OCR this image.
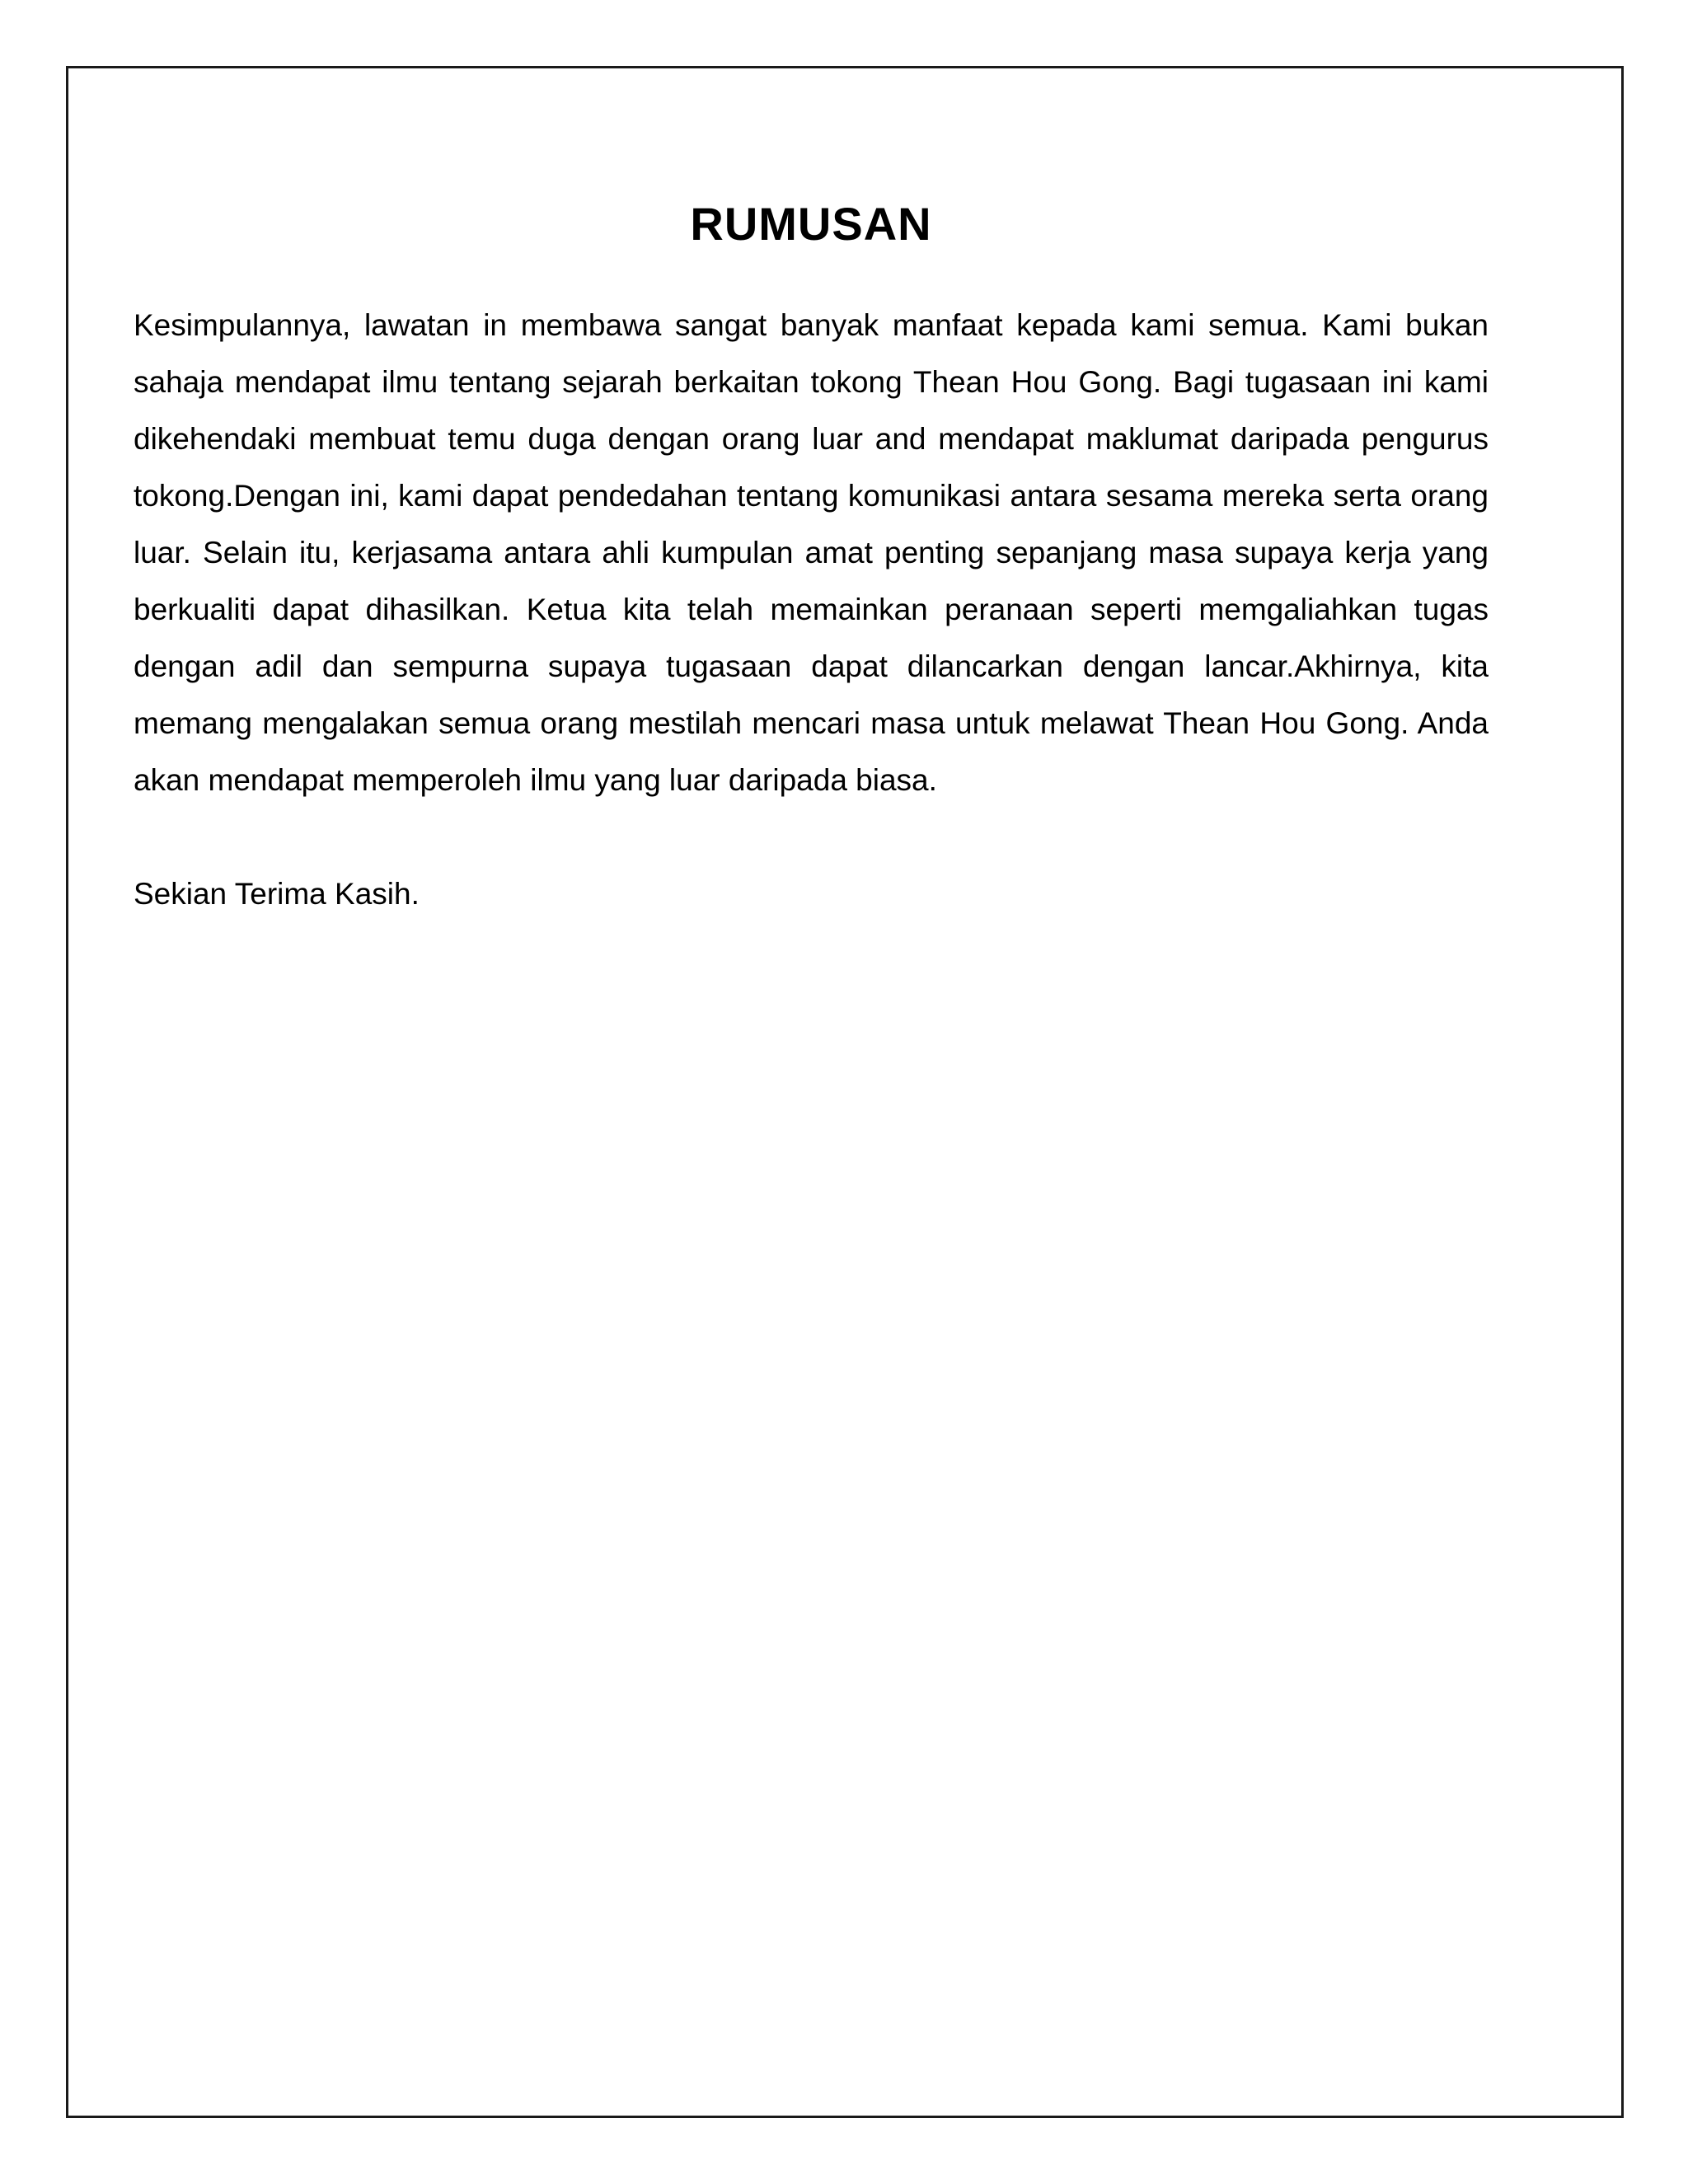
RUMUSAN

Kesimpulannya, lawatan in membawa sangat banyak manfaat kepada kami semua. Kami bukan sahaja mendapat ilmu tentang sejarah berkaitan tokong Thean Hou Gong. Bagi tugasaan ini kami dikehendaki membuat temu duga dengan orang luar and mendapat maklumat daripada pengurus tokong.Dengan ini, kami dapat pendedahan tentang komunikasi antara sesama mereka serta orang luar. Selain itu, kerjasama antara ahli kumpulan amat penting sepanjang masa supaya kerja yang berkualiti dapat dihasilkan. Ketua kita telah memainkan peranaan seperti memgaliahkan tugas dengan adil dan sempurna supaya tugasaan dapat dilancarkan dengan lancar.Akhirnya, kita memang mengalakan semua orang mestilah mencari masa untuk melawat Thean Hou Gong. Anda akan mendapat memperoleh ilmu yang luar daripada biasa.

Sekian Terima Kasih.
